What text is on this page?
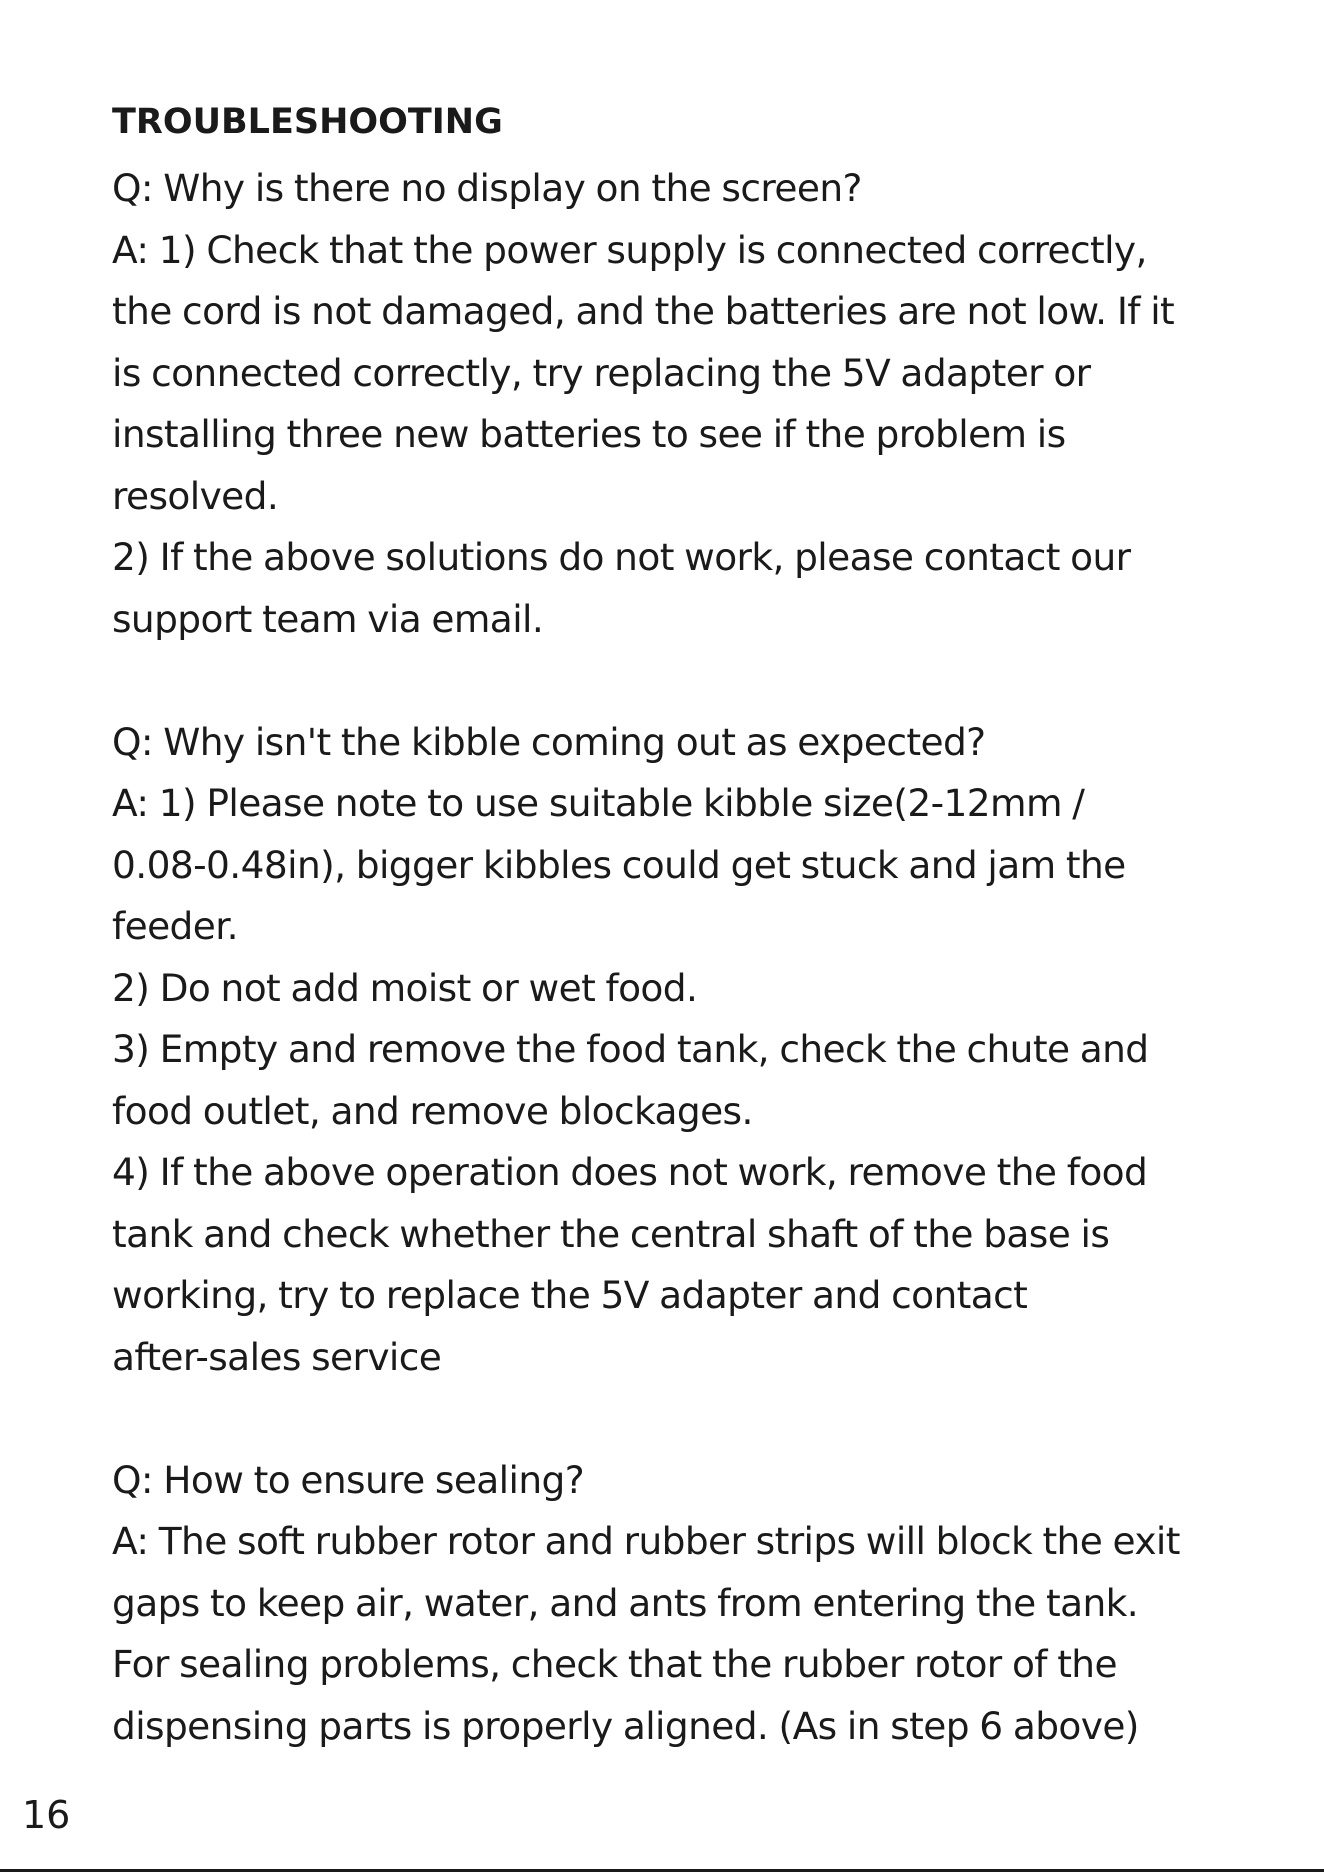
TROUBLESHOOTING
Q: Why is there no display on the screen?
A: 1) Check that the power supply is connected correctly,
the cord is not damaged, and the batteries are not low. If it
is connected correctly, try replacing the 5V adapter or
installing three new batteries to see if the problem is
resolved.
2) If the above solutions do not work, please contact our
support team via email.
Q: Why isn't the kibble coming out as expected?
A: 1) Please note to use suitable kibble size(2-12mm /
0.08-0.48in), bigger kibbles could get stuck and jam the
feeder.
2) Do not add moist or wet food.
3) Empty and remove the food tank, check the chute and
food outlet, and remove blockages.
4) If the above operation does not work, remove the food
tank and check whether the central shaft of the base is
working, try to replace the 5V adapter and contact
after-sales service
Q: How to ensure sealing?
A: The soft rubber rotor and rubber strips will block the exit
gaps to keep air, water, and ants from entering the tank.
For sealing problems, check that the rubber rotor of the
dispensing parts is properly aligned. (As in step 6 above)
16
